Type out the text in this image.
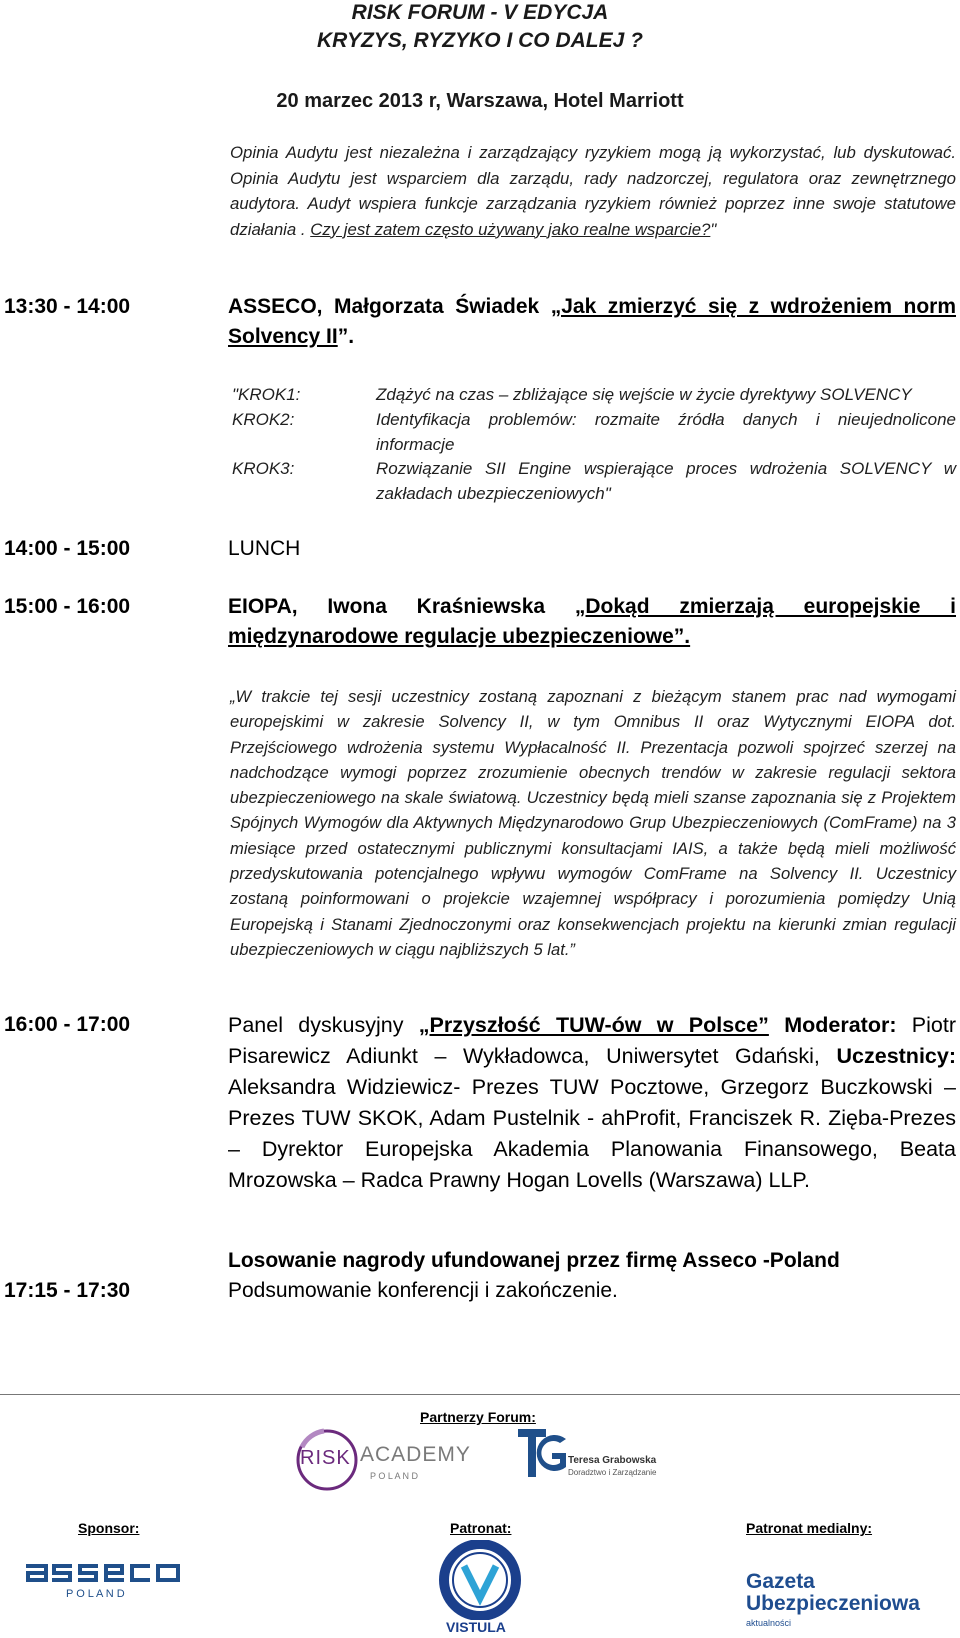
RISK FORUM - V EDYCJA
KRYZYS, RYZYKO I CO DALEJ ?
20 marzec 2013 r, Warszawa, Hotel Marriott
Opinia Audytu jest niezależna i zarządzający ryzykiem mogą ją wykorzystać, lub dyskutować. Opinia Audytu jest wsparciem dla zarządu, rady nadzorczej, regulatora oraz zewnętrznego audytora. Audyt wspiera funkcje zarządzania ryzykiem również poprzez inne swoje statutowe działania . Czy jest zatem często używany jako realne wsparcie?"
13:30 - 14:00	ASSECO, Małgorzata Świadek „Jak zmierzyć się z wdrożeniem norm Solvency II”.
"KROK1:	Zdążyć na czas – zbliżające się wejście w życie dyrektywy SOLVENCY
KROK2:	Identyfikacja problemów: rozmaite źródła danych i nieujednolicone informacje
KROK3:	Rozwiązanie SII Engine wspierające proces wdrożenia SOLVENCY w zakładach ubezpieczeniowych"
14:00 - 15:00	LUNCH
15:00 - 16:00	EIOPA, Iwona Kraśniewska „Dokąd zmierzają europejskie i międzynarodowe regulacje ubezpieczeniowe”.
„W trakcie tej sesji uczestnicy zostaną zapoznani z bieżącym stanem prac nad wymogami europejskimi w zakresie Solvency II, w tym Omnibus II oraz Wytycznymi EIOPA dot. Przejściowego wdrożenia systemu Wypłacalność II. Prezentacja pozwoli spojrzeć szerzej na nadchodzące wymogi poprzez zrozumienie obecnych trendów w zakresie regulacji sektora ubezpieczeniowego na skale światową. Uczestnicy będą mieli szanse zapoznania się z Projektem Spójnych Wymogów dla Aktywnych Międzynarodowo Grup Ubezpieczeniowych (ComFrame) na 3 miesiące przed ostatecznymi publicznymi konsultacjami IAIS, a także będą mieli możliwość przedyskutowania potencjalnego wpływu wymogów ComFrame na Solvency II. Uczestnicy zostaną poinformowani o projekcie wzajemnej współpracy i porozumienia pomiędzy Unią Europejską i Stanami Zjednoczonymi oraz konsekwencjach projektu na kierunki zmian regulacji ubezpieczeniowych w ciągu najbliższych 5 lat.”
16:00 - 17:00	Panel dyskusyjny „Przyszłość TUW-ów w Polsce” Moderator: Piotr Pisarewicz Adiunkt – Wykładowca, Uniwersytet Gdański, Uczestnicy: Aleksandra Widziewicz- Prezes TUW Pocztowe, Grzegorz Buczkowski – Prezes TUW SKOK, Adam Pustelnik - ahProfit, Franciszek R. Zięba-Prezes – Dyrektor Europejska Akademia Planowania Finansowego, Beata Mrozowska – Radca Prawny Hogan Lovells (Warszawa) LLP.
Losowanie nagrody ufundowanej przez firmę Asseco -Poland
17:15 - 17:30	Podsumowanie konferencji i zakończenie.
Partnerzy Forum:
RISK ACADEMY
P O L A N D
Teresa Grabowska
Doradztwo i Zarządzanie
Sponsor:	Patronat:	Patronat medialny:
P O L A N D
VISTULA
Gazeta
Ubezpieczeniowa
aktualności
